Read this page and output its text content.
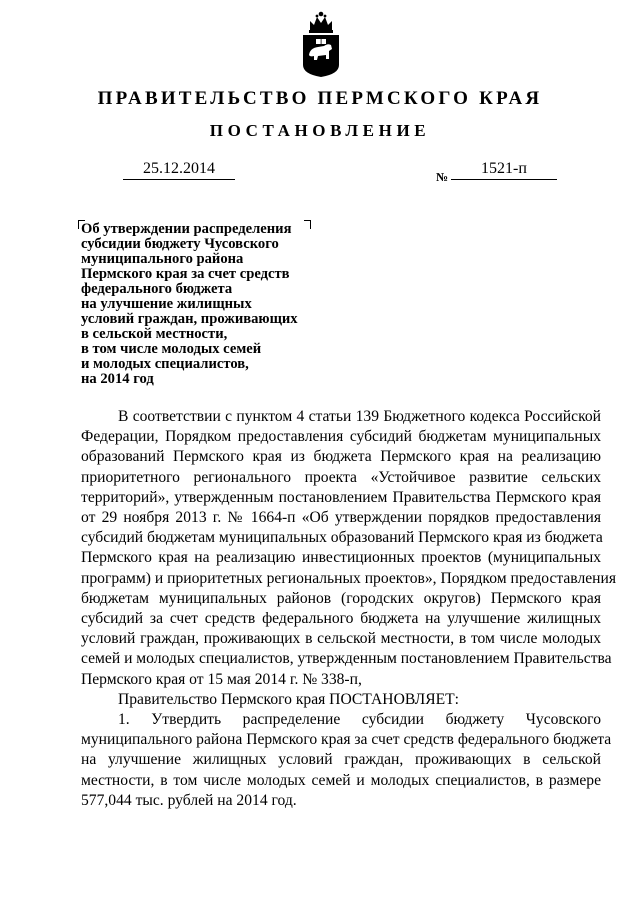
ПРАВИТЕЛЬСТВО ПЕРМСКОГО КРАЯ
ПОСТАНОВЛЕНИЕ
25.12.2014	№	1521-п
Об утверждении распределения
субсидии бюджету Чусовского
муниципального района
Пермского края за счет средств
федерального бюджета
на улучшение жилищных
условий граждан, проживающих
в сельской местности,
в том числе молодых семей
и молодых специалистов,
на 2014 год

В соответствии с пунктом 4 статьи 139 Бюджетного кодекса Российской
Федерации, Порядком предоставления субсидий бюджетам муниципальных
образований Пермского края из бюджета Пермского края на реализацию
приоритетного регионального проекта «Устойчивое развитие сельских
территорий», утвержденным постановлением Правительства Пермского края
от 29 ноября 2013 г. № 1664-п «Об утверждении порядков предоставления
субсидий бюджетам муниципальных образований Пермского края из бюджета
Пермского края на реализацию инвестиционных проектов (муниципальных
программ) и приоритетных региональных проектов», Порядком предоставления
бюджетам муниципальных районов (городских округов) Пермского края
субсидий за счет средств федерального бюджета на улучшение жилищных
условий граждан, проживающих в сельской местности, в том числе молодых
семей и молодых специалистов, утвержденным постановлением Правительства
Пермского края от 15 мая 2014 г. № 338-п,

Правительство Пермского края ПОСТАНОВЛЯЕТ:

1. Утвердить распределение субсидии бюджету Чусовского
муниципального района Пермского края за счет средств федерального бюджета
на улучшение жилищных условий граждан, проживающих в сельской
местности, в том числе молодых семей и молодых специалистов, в размере
577,044 тыс. рублей на 2014 год.
